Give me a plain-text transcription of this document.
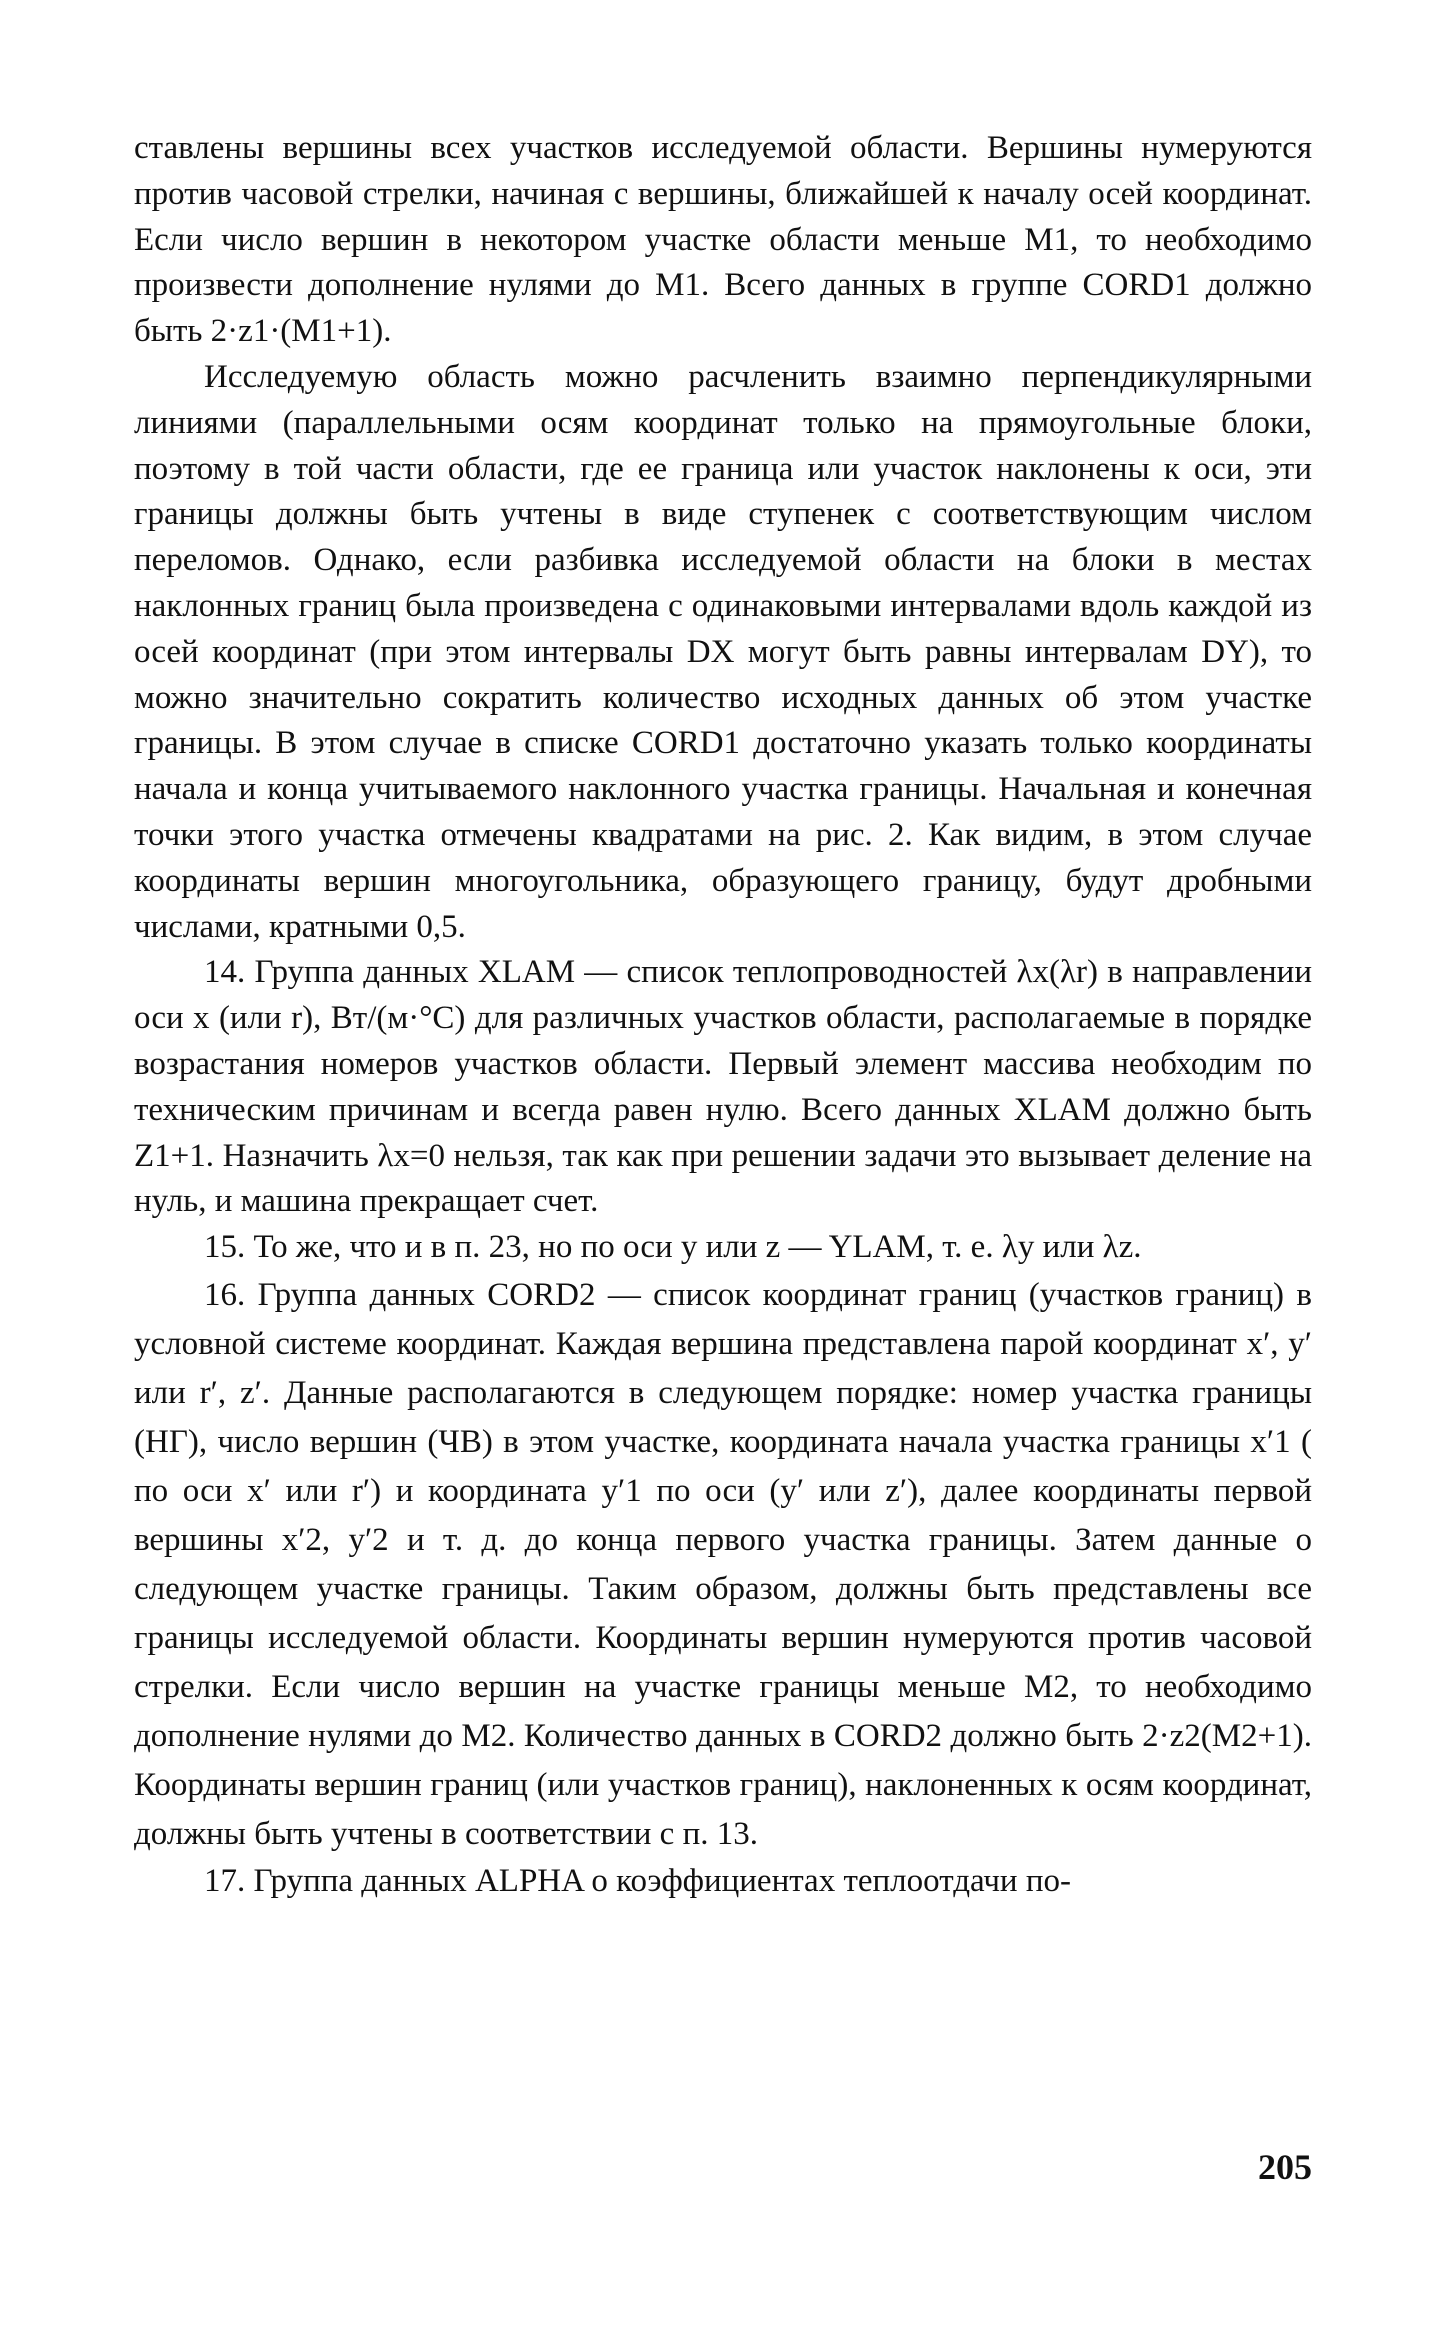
ставлены вершины всех участков исследуемой области. Вершины нумеруются против часовой стрелки, начиная с вершины, ближайшей к началу осей координат. Если число вершин в некотором участке области меньше M1, то необходимо произвести дополнение нулями до M1. Всего данных в группе CORD1 должно быть 2·z1·(M1+1).

Исследуемую область можно расчленить взаимно перпендикулярными линиями (параллельными осям координат только на прямоугольные блоки, поэтому в той части области, где ее граница или участок наклонены к оси, эти границы должны быть учтены в виде ступенек с соответствующим числом переломов. Однако, если разбивка исследуемой области на блоки в местах наклонных границ была произведена с одинаковыми интервалами вдоль каждой из осей координат (при этом интервалы DX могут быть равны интервалам DY), то можно значительно сократить количество исходных данных об этом участке границы. В этом случае в списке CORD1 достаточно указать только координаты начала и конца учитываемого наклонного участка границы. Начальная и конечная точки этого участка отмечены квадратами на рис. 2. Как видим, в этом случае координаты вершин многоугольника, образующего границу, будут дробными числами, кратными 0,5.

14. Группа данных XLAM — список теплопроводностей λx(λr) в направлении оси x (или r), Вт/(м·°С) для различных участков области, располагаемые в порядке возрастания номеров участков области. Первый элемент массива необходим по техническим причинам и всегда равен нулю. Всего данных XLAM должно быть Z1+1. Назначить λx=0 нельзя, так как при решении задачи это вызывает деление на нуль, и машина прекращает счет.

15. То же, что и в п. 23, но по оси y или z — YLAM, т. е. λy или λz.

16. Группа данных CORD2 — список координат границ (участков границ) в условной системе координат. Каждая вершина представлена парой координат x′, y′ или r′, z′. Данные располагаются в следующем порядке: номер участка границы (НГ), число вершин (ЧВ) в этом участке, координата начала участка границы x′1 ( по оси x′ или r′) и координата y′1 по оси (y′ или z′), далее координаты первой вершины x′2, y′2 и т. д. до конца первого участка границы. Затем данные о следующем участке границы. Таким образом, должны быть представлены все границы исследуемой области. Координаты вершин нумеруются против часовой стрелки. Если число вершин на участке границы меньше M2, то необходимо дополнение нулями до M2. Количество данных в CORD2 должно быть 2·z2(M2+1). Координаты вершин границ (или участков границ), наклоненных к осям координат, должны быть учтены в соответствии с п. 13.

17. Группа данных ALPHA о коэффициентах теплоотдачи по-

205
